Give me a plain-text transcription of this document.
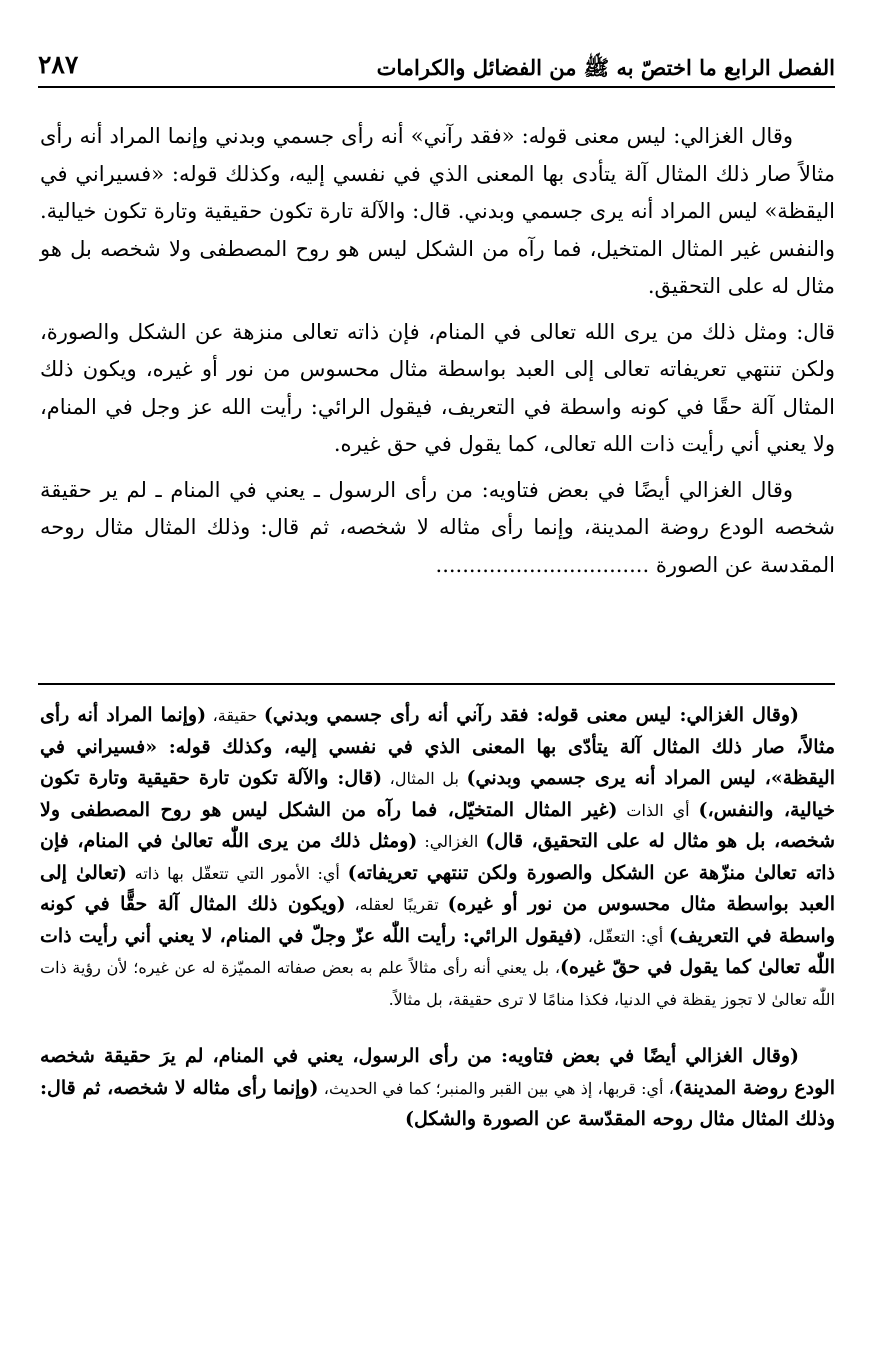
الفصل الرابع ما اختصّ به ﷺ من الفضائل والكرامات
٢٨٧

وقال الغزالي: ليس معنى قوله: «فقد رآني» أنه رأى جسمي وبدني وإنما المراد أنه رأى مثالاً صار ذلك المثال آلة يتأدى بها المعنى الذي في نفسي إليه، وكذلك قوله: «فسيراني في اليقظة» ليس المراد أنه يرى جسمي وبدني. قال: والآلة تارة تكون حقيقية وتارة تكون خيالية. والنفس غير المثال المتخيل، فما رآه من الشكل ليس هو روح المصطفى ولا شخصه بل هو مثال له على التحقيق.

قال: ومثل ذلك من يرى الله تعالى في المنام، فإن ذاته تعالى منزهة عن الشكل والصورة، ولكن تنتهي تعريفاته تعالى إلى العبد بواسطة مثال محسوس من نور أو غيره، ويكون ذلك المثال آلة حقًا في كونه واسطة في التعريف، فيقول الرائي: رأيت الله عز وجل في المنام، ولا يعني أني رأيت ذات الله تعالى، كما يقول في حق غيره.

وقال الغزالي أيضًا في بعض فتاويه: من رأى الرسول ـ يعني في المنام ـ لم ير حقيقة شخصه الودع روضة المدينة، وإنما رأى مثاله لا شخصه، ثم قال: وذلك المثال مثال روحه المقدسة عن الصورة ................................

(وقال الغزالي: ليس معنى قوله: فقد رآني أنه رأى جسمي وبدني) حقيقة، (وإنما المراد أنه رأى مثالاً، صار ذلك المثال آلة يتأدّى بها المعنى الذي في نفسي إليه، وكذلك قوله: «فسيراني في اليقظة»، ليس المراد أنه يرى جسمي وبدني) بل المثال، (قال: والآلة تكون تارة حقيقية وتارة تكون خيالية، والنفس،) أي الذات (غير المثال المتخيّل، فما رآه من الشكل ليس هو روح المصطفى ولا شخصه، بل هو مثال له على التحقيق، قال) الغزالي: (ومثل ذلك من يرى اللّٰه تعالىٰ في المنام، فإن ذاته تعالىٰ منزّهة عن الشكل والصورة ولكن تنتهي تعريفاته) أي: الأمور التي تتعقّل بها ذاته (تعالىٰ إلى العبد بواسطة مثال محسوس من نور أو غيره) تقريبًا لعقله، (ويكون ذلك المثال آلة حقًّا في كونه واسطة في التعريف) أي: التعقّل، (فيقول الرائي: رأيت اللّٰه عزّ وجلّ في المنام، لا يعني أني رأيت ذات اللّٰه تعالىٰ كما يقول في حقّ غيره)، بل يعني أنه رأى مثالاً علم به بعض صفاته المميّزة له عن غيره؛ لأن رؤية ذات اللّٰه تعالىٰ لا تجوز يقظة في الدنيا، فكذا منامًا لا ترى حقيقة، بل مثالاً.

(وقال الغزالي أيضًا في بعض فتاويه: من رأى الرسول، يعني في المنام، لم يرَ حقيقة شخصه الودع روضة المدينة)، أي: قربها، إذ هي بين القبر والمنبر؛ كما في الحديث، (وإنما رأى مثاله لا شخصه، ثم قال: وذلك المثال مثال روحه المقدّسة عن الصورة والشكل)
